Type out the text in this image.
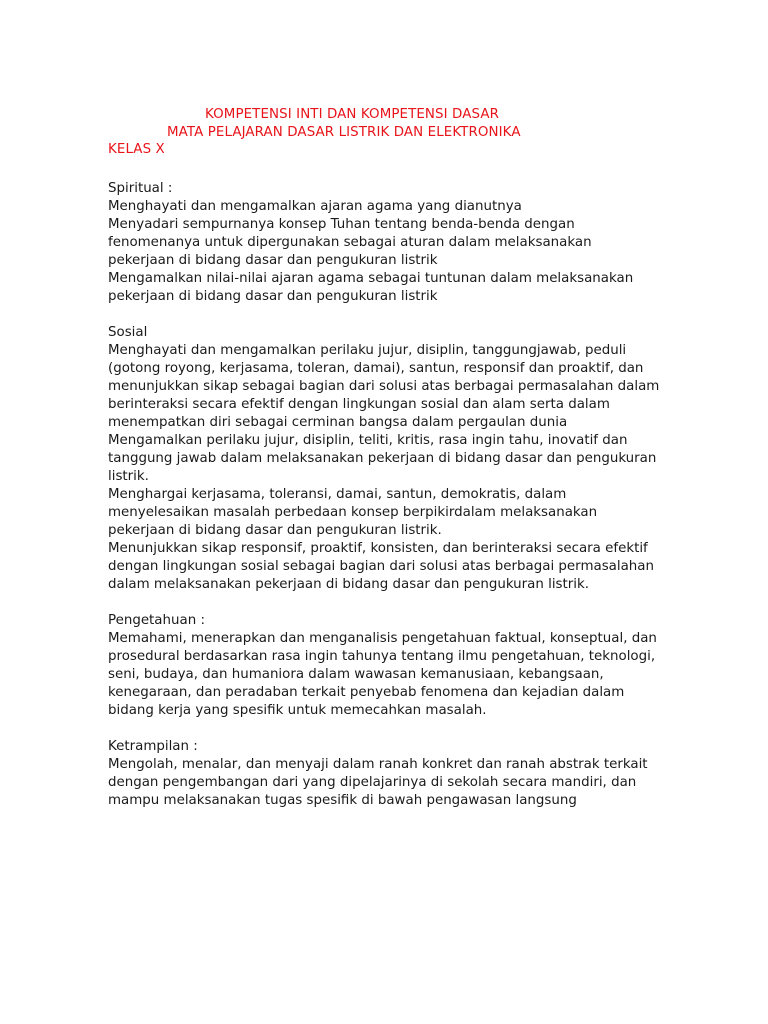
KOMPETENSI INTI DAN KOMPETENSI DASAR
MATA PELAJARAN DASAR LISTRIK DAN ELEKTRONIKA
KELAS X
Spiritual :
Menghayati dan mengamalkan ajaran agama yang dianutnya
Menyadari sempurnanya konsep Tuhan tentang benda-benda dengan
fenomenanya untuk dipergunakan sebagai aturan dalam melaksanakan
pekerjaan di bidang dasar dan pengukuran listrik
Mengamalkan nilai-nilai ajaran agama sebagai tuntunan dalam melaksanakan
pekerjaan di bidang dasar dan pengukuran listrik
Sosial
Menghayati dan mengamalkan perilaku jujur, disiplin, tanggungjawab, peduli
(gotong royong, kerjasama, toleran, damai), santun, responsif dan proaktif, dan
menunjukkan sikap sebagai bagian dari solusi atas berbagai permasalahan dalam
berinteraksi secara efektif dengan lingkungan sosial dan alam serta dalam
menempatkan diri sebagai cerminan bangsa dalam pergaulan dunia
Mengamalkan perilaku jujur, disiplin, teliti, kritis, rasa ingin tahu, inovatif dan
tanggung jawab dalam melaksanakan pekerjaan di bidang dasar dan pengukuran
listrik.
Menghargai kerjasama, toleransi, damai, santun, demokratis, dalam
menyelesaikan masalah perbedaan konsep berpikirdalam melaksanakan
pekerjaan di bidang dasar dan pengukuran listrik.
Menunjukkan sikap responsif, proaktif, konsisten, dan berinteraksi secara efektif
dengan lingkungan sosial sebagai bagian dari solusi atas berbagai permasalahan
dalam melaksanakan pekerjaan di bidang dasar dan pengukuran listrik.
Pengetahuan :
Memahami, menerapkan dan menganalisis pengetahuan faktual, konseptual, dan
prosedural berdasarkan rasa ingin tahunya tentang ilmu pengetahuan, teknologi,
seni, budaya, dan humaniora dalam wawasan kemanusiaan, kebangsaan,
kenegaraan, dan peradaban terkait penyebab fenomena dan kejadian dalam
bidang kerja yang spesifik untuk memecahkan masalah.
Ketrampilan :
Mengolah, menalar, dan menyaji dalam ranah konkret dan ranah abstrak terkait
dengan pengembangan dari yang dipelajarinya di sekolah secara mandiri, dan
mampu melaksanakan tugas spesifik di bawah pengawasan langsung
